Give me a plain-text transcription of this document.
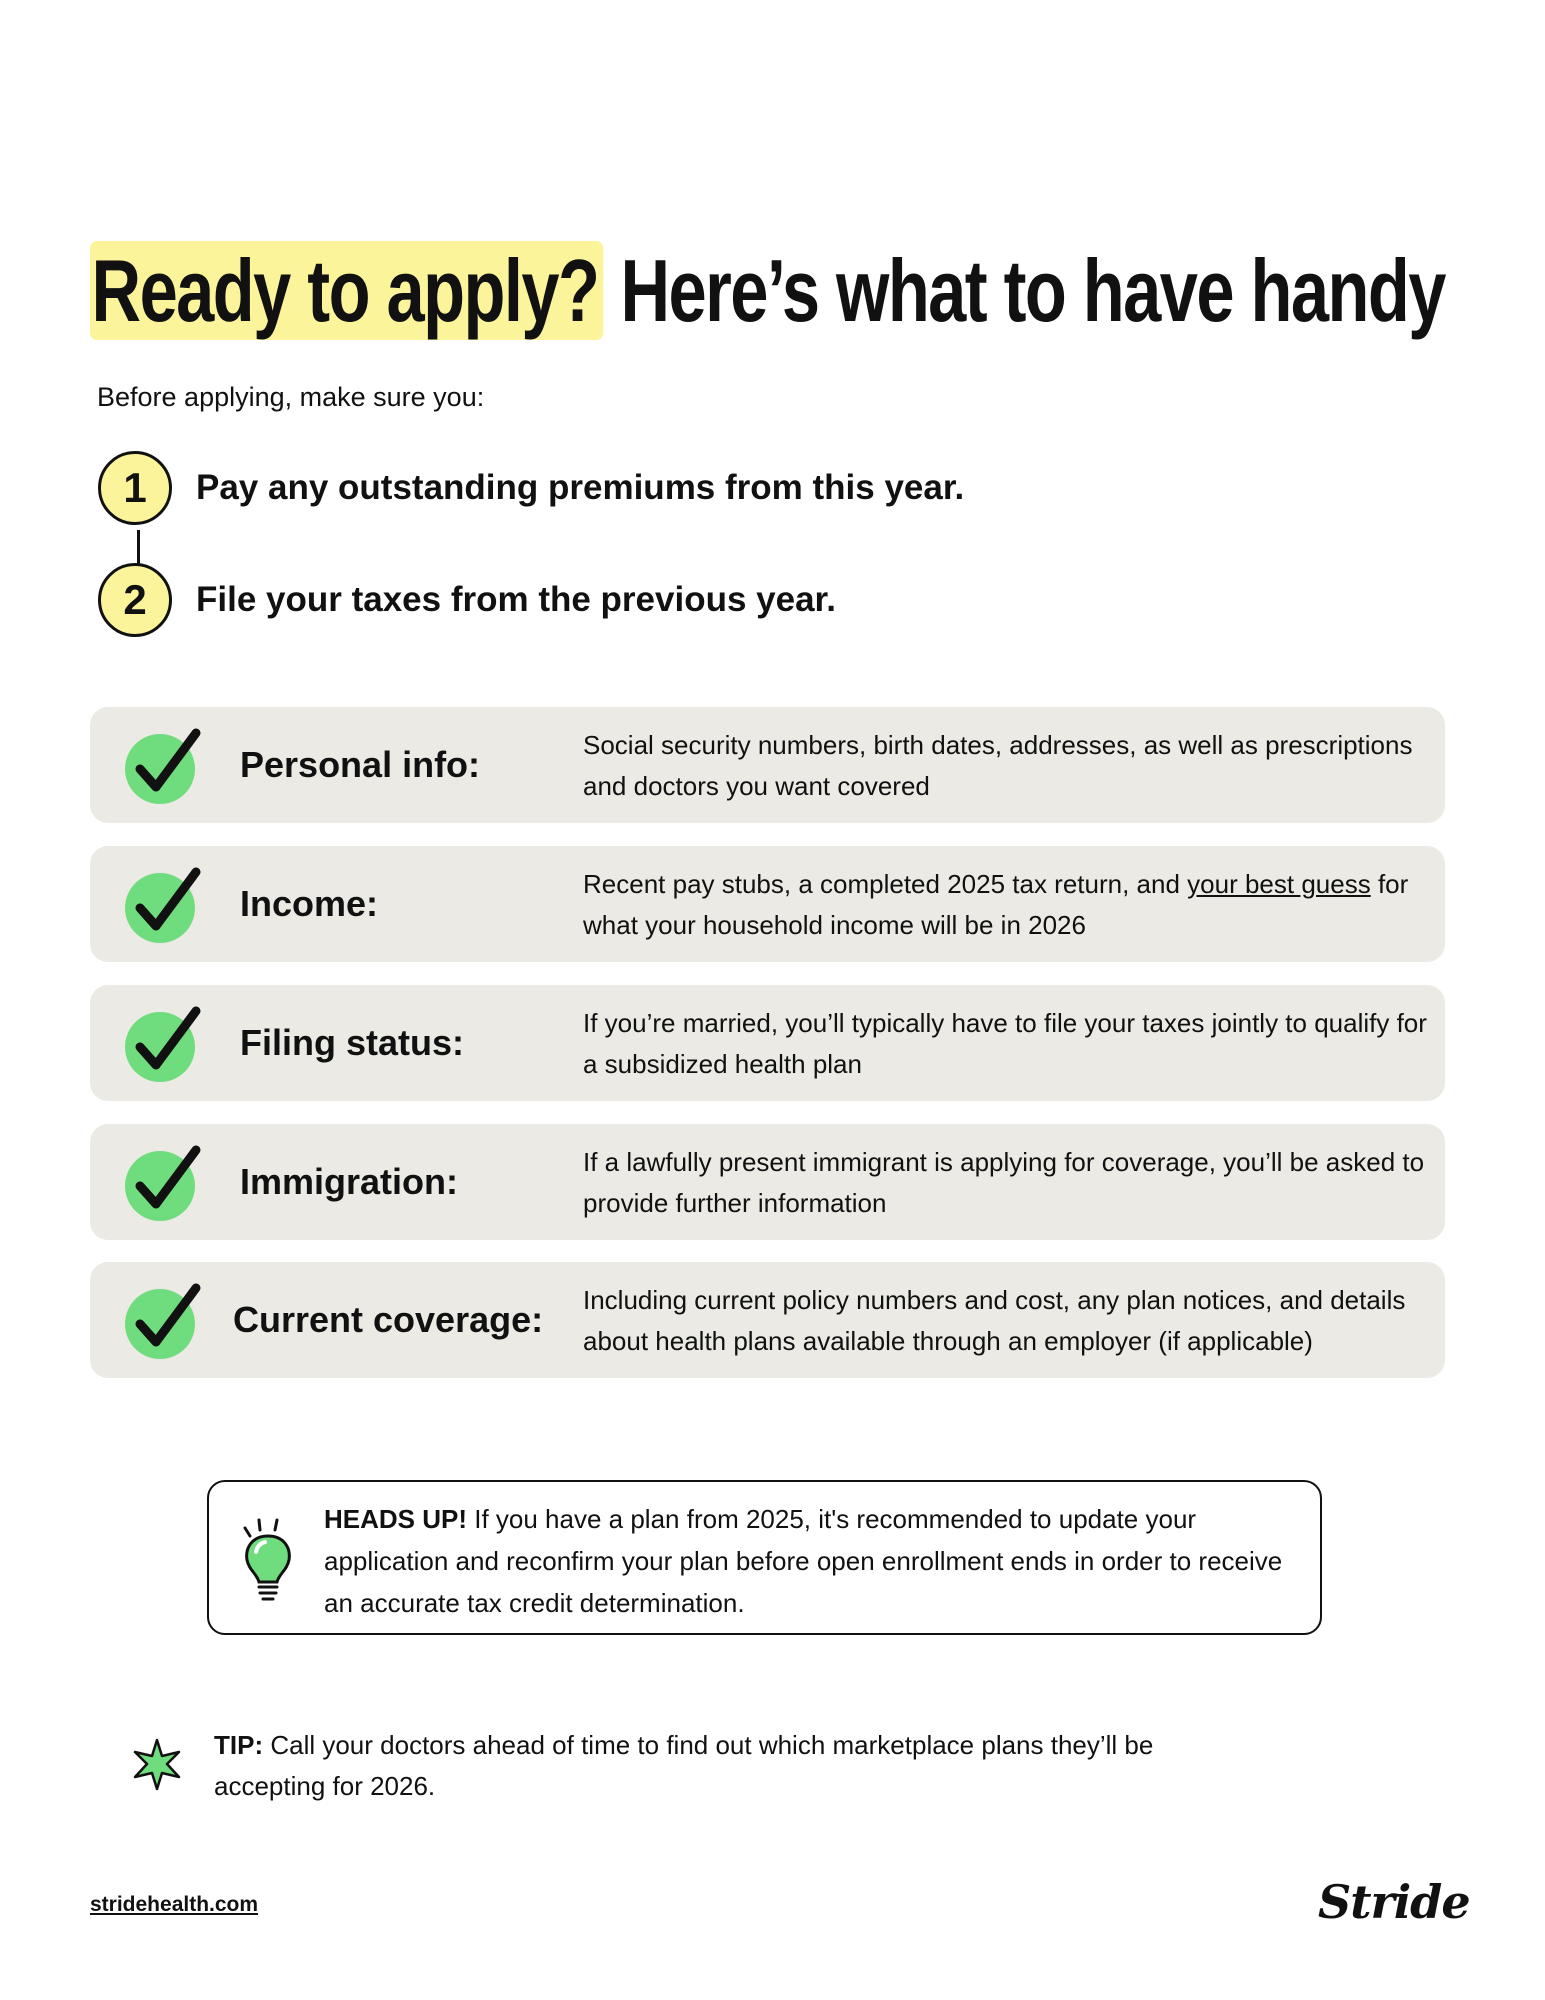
Ready to apply? Here’s what to have handy

Before applying, make sure you:

1	Pay any outstanding premiums from this year.
2	File your taxes from the previous year.
Personal info:	Social security numbers, birth dates, addresses, as well as prescriptions and doctors you want covered
Income:	Recent pay stubs, a completed 2025 tax return, and your best guess for what your household income will be in 2026
Filing status:	If you’re married, you’ll typically have to file your taxes jointly to qualify for a subsidized health plan
Immigration:	If a lawfully present immigrant is applying for coverage, you’ll be asked to provide further information
Current coverage: Including current policy numbers and cost, any plan notices, and details about health plans available through an employer (if applicable)
HEADS UP! If you have a plan from 2025, it's recommended to update your application and reconfirm your plan before open enrollment ends in order to receive an accurate tax credit determination.
TIP: Call your doctors ahead of time to find out which marketplace plans they’ll be accepting for 2026.
stridehealth.com	Stride
